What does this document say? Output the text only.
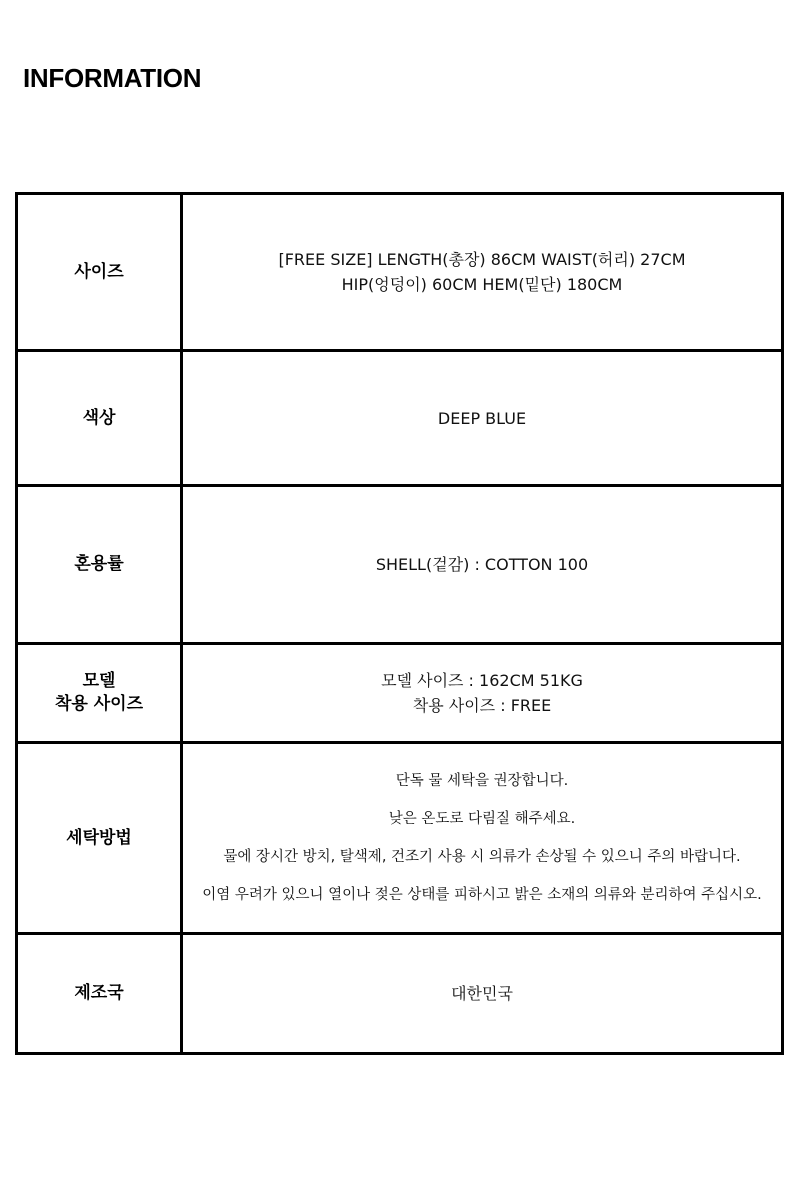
INFORMATION
사이즈	[FREE SIZE] LENGTH(총장) 86CM WAIST(허리) 27CM
HIP(엉덩이) 60CM HEM(밑단) 180CM

색상	DEEP BLUE
혼용률	SHELL(겉감) : COTTON 100

모델
착용 사이즈	모델 사이즈 : 162CM 51KG
착용 사이즈 : FREE

세탁방법	단독 물 세탁을 권장합니다.
낮은 온도로 다림질 해주세요.
물에 장시간 방치, 탈색제, 건조기 사용 시 의류가 손상될 수 있으니 주의 바랍니다.
이염 우려가 있으니 열이나 젖은 상태를 피하시고 밝은 소재의 의류와 분리하여 주십시오.

제조국	대한민국
